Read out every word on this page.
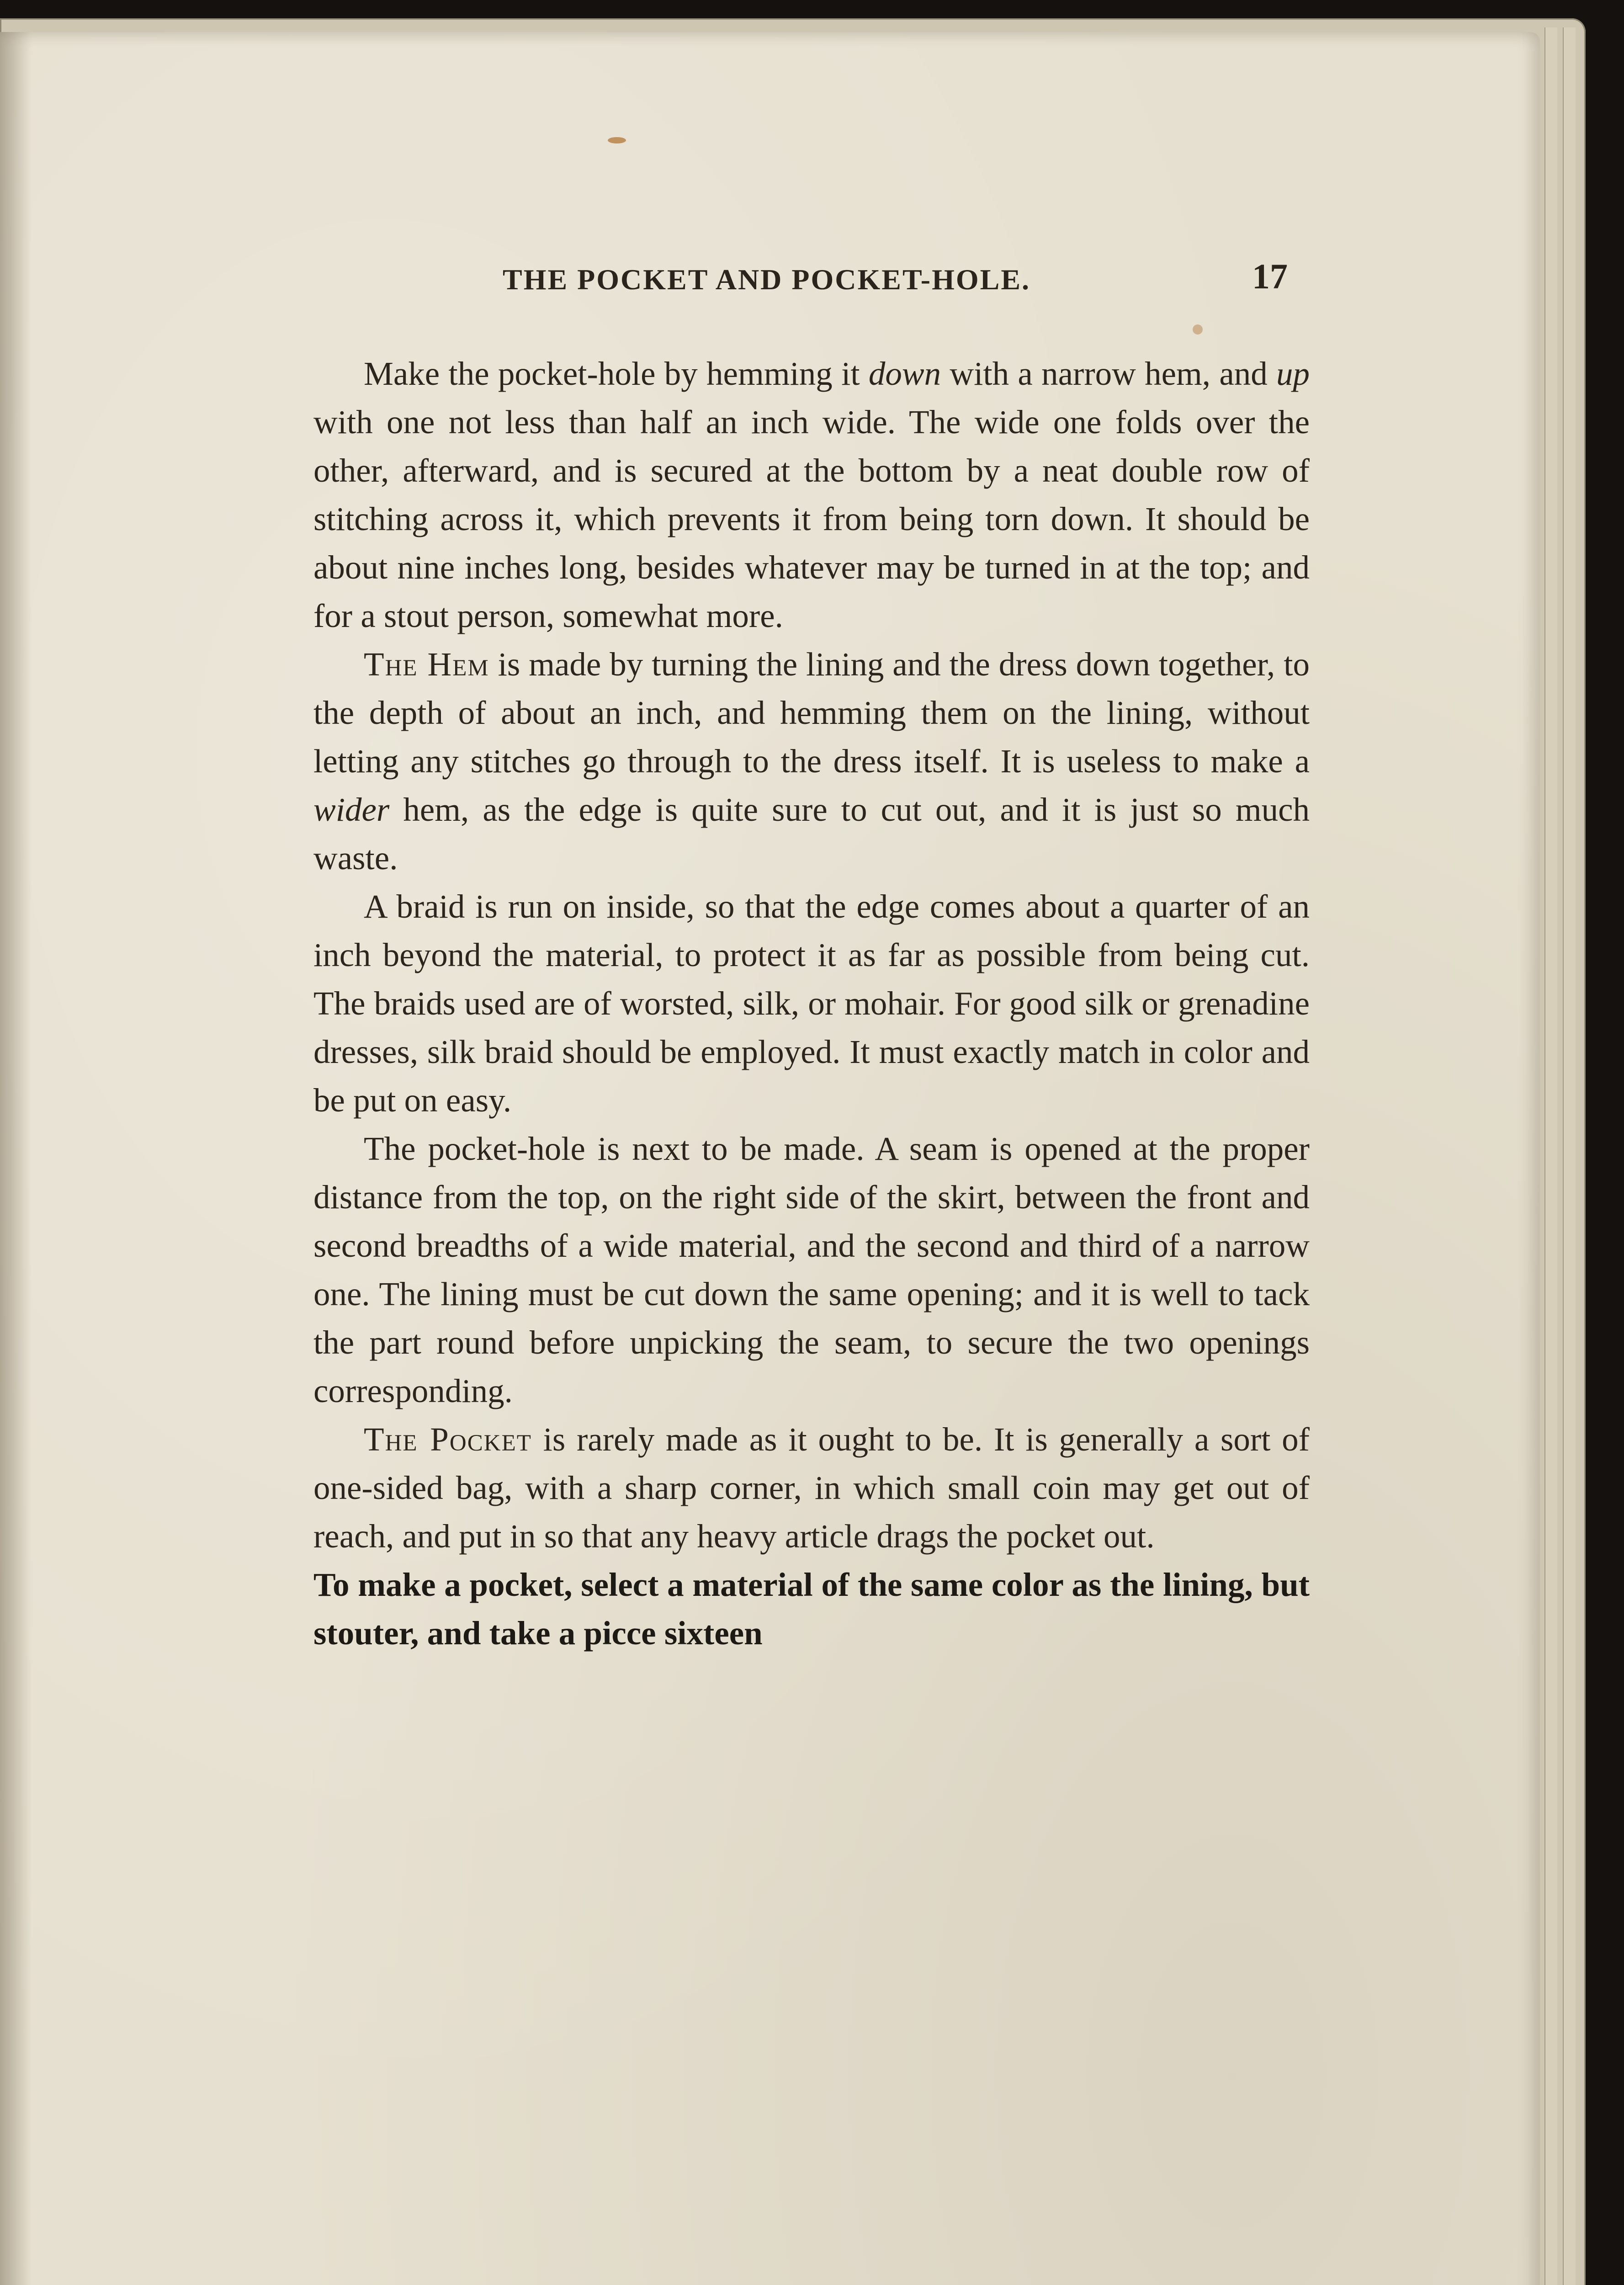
THE POCKET AND POCKET-HOLE.	17

Make the pocket-hole by hemming it down with a narrow hem, and up with one not less than half an inch wide. The wide one folds over the other, afterward, and is secured at the bottom by a neat double row of stitching across it, which prevents it from being torn down. It should be about nine inches long, besides whatever may be turned in at the top; and for a stout person, somewhat more.

The Hem is made by turning the lining and the dress down together, to the depth of about an inch, and hemming them on the lining, without letting any stitches go through to the dress itself. It is useless to make a wider hem, as the edge is quite sure to cut out, and it is just so much waste.

A braid is run on inside, so that the edge comes about a quarter of an inch beyond the material, to protect it as far as possible from being cut. The braids used are of worsted, silk, or mohair. For good silk or grenadine dresses, silk braid should be employed. It must exactly match in color and be put on easy.

The pocket-hole is next to be made. A seam is opened at the proper distance from the top, on the right side of the skirt, between the front and second breadths of a wide material, and the second and third of a narrow one. The lining must be cut down the same opening; and it is well to tack the part round before unpicking the seam, to secure the two openings corresponding.

The Pocket is rarely made as it ought to be. It is generally a sort of one-sided bag, with a sharp corner, in which small coin may get out of reach, and put in so that any heavy article drags the pocket out.

To make a pocket, select a material of the same color as the lining, but stouter, and take a picce sixteen
